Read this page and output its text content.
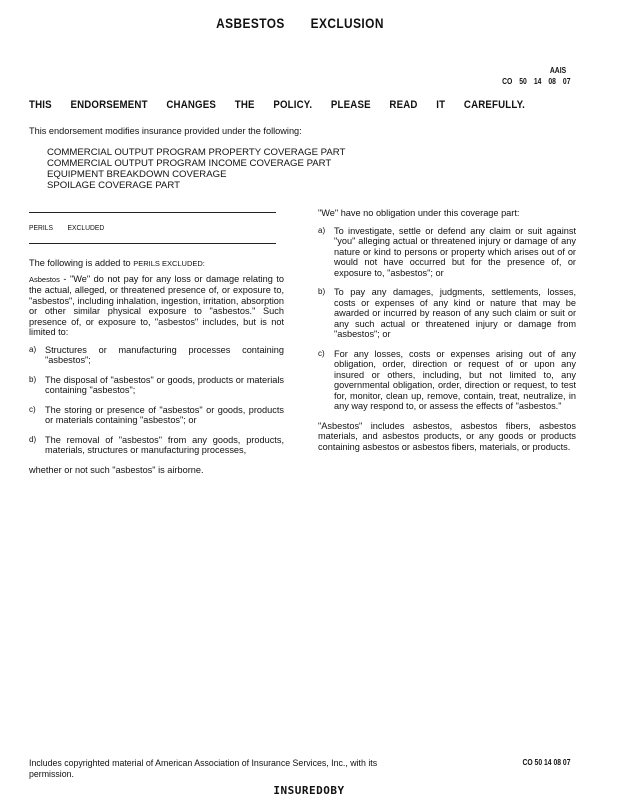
ASBESTOS EXCLUSION
AAIS
CO 50 14 08 07
THIS ENDORSEMENT CHANGES THE POLICY. PLEASE READ IT CAREFULLY.
This endorsement modifies insurance provided under the following:
COMMERCIAL OUTPUT PROGRAM PROPERTY COVERAGE PART
COMMERCIAL OUTPUT PROGRAM INCOME COVERAGE PART
EQUIPMENT BREAKDOWN COVERAGE
SPOILAGE COVERAGE PART
PERILS EXCLUDED

The following is added to PERILS EXCLUDED:

Asbestos - "We" do not pay for any loss or damage relating to the actual, alleged, or threatened presence of, or exposure to, "asbestos", including inhalation, ingestion, irritation, absorption or other similar physical exposure to "asbestos." Such presence of, or exposure to, "asbestos" includes, but is not limited to:

a) Structures or manufacturing processes containing "asbestos";
b) The disposal of "asbestos" or goods, products or materials containing "asbestos";
c)	The storing or presence of "asbestos" or goods, products or materials containing "asbestos"; or
d) The removal of "asbestos" from any goods, products, materials, structures or manufacturing processes,

whether or not such "asbestos" is airborne.

"We" have no obligation under this coverage part:

a) To investigate, settle or defend any claim or suit against "you" alleging actual or threatened injury or damage of any nature or kind to persons or property which arises out of or would not have occurred but for the presence of, or exposure to, "asbestos"; or
b) To pay any damages, judgments, settlements, losses, costs or expenses of any kind or nature that may be awarded or incurred by reason of any such claim or suit or any such actual or threatened injury or damage from "asbestos"; or
c)	For any losses, costs or expenses arising out of any obligation, order, direction or request of or upon any insured or others, including, but not limited to, any governmental obligation, order, direction or request, to test for, monitor, clean up, remove, contain, treat, neutralize, in any way respond to, or assess the effects of "asbestos."

"Asbestos" includes asbestos, asbestos fibers, asbestos materials, and asbestos products, or any goods or products containing asbestos or asbestos fibers, materials, or products.

Includes copyrighted material of American Association of Insurance Services, Inc., with its permission.
CO 50 14 08 07
INSUREDOBY
